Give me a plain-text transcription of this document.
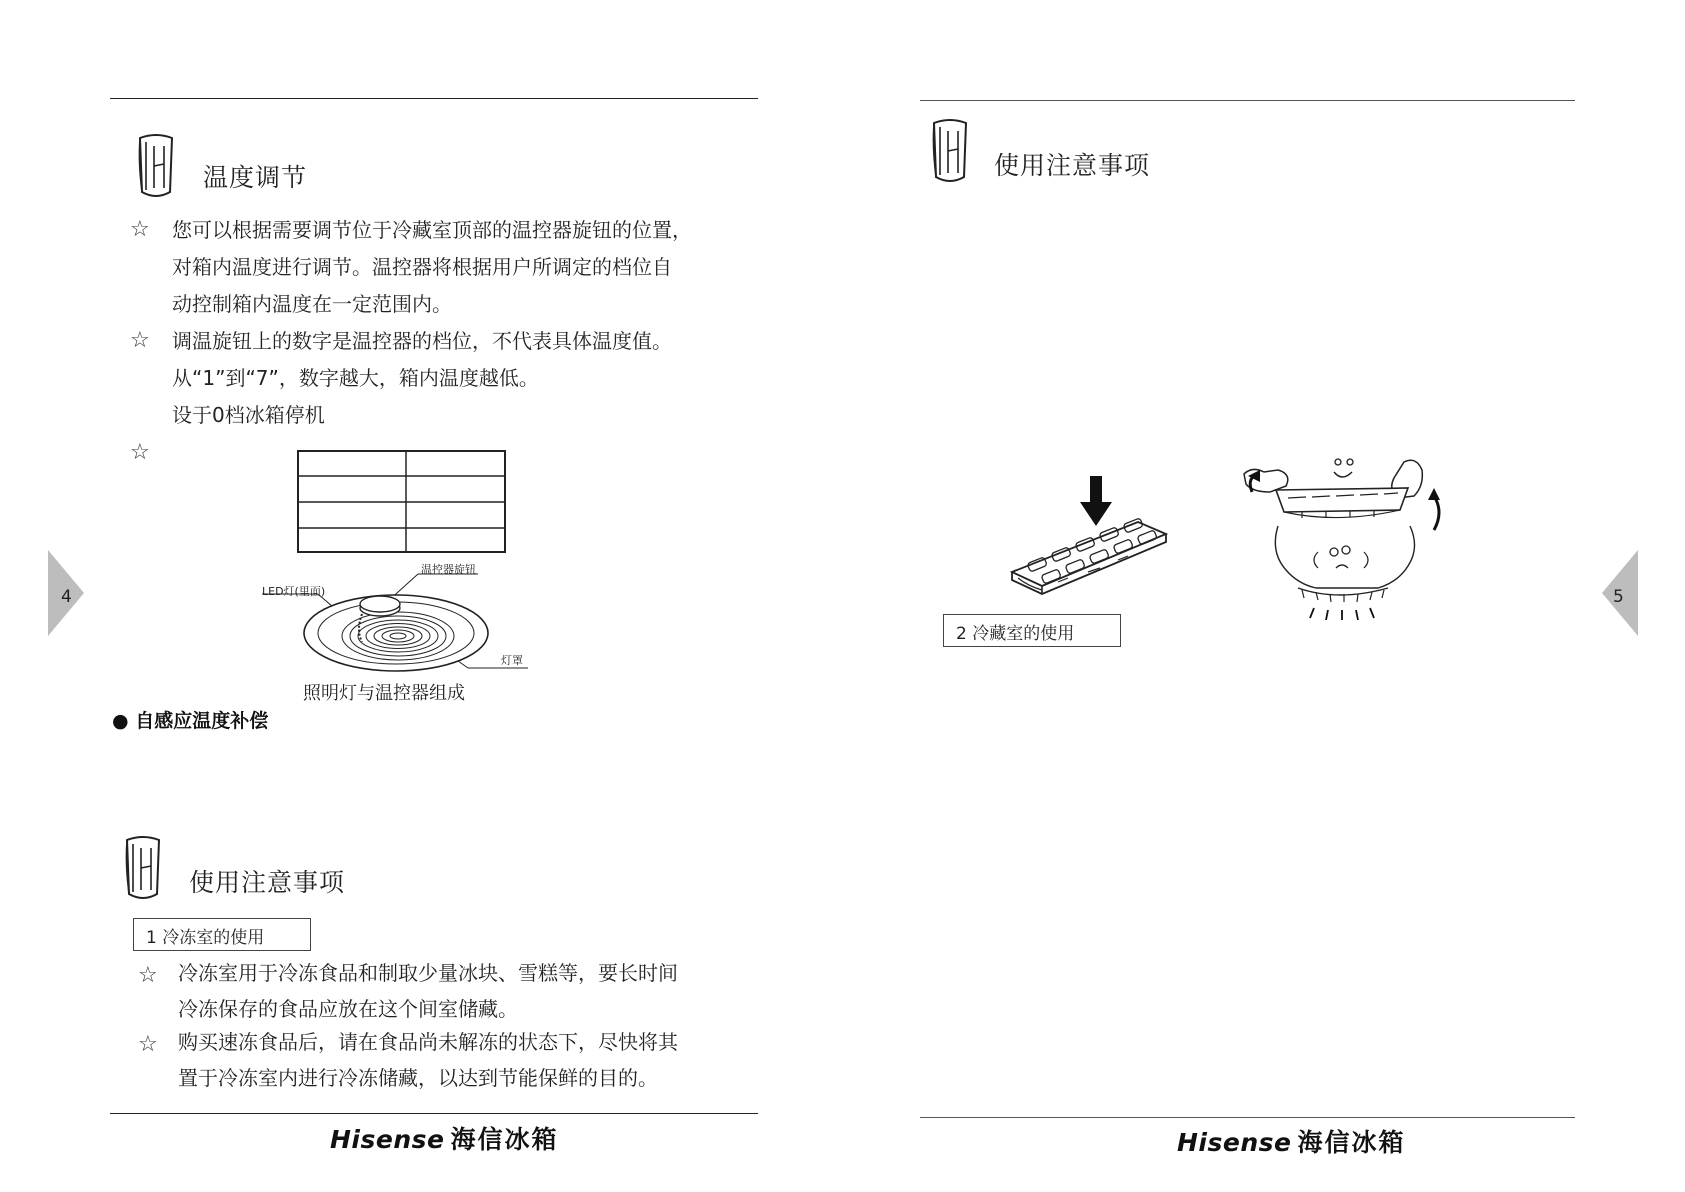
4
温度调节
☆ 您可以根据需要调节位于冷藏室顶部的温控器旋钮的位置，
对箱内温度进行调节。温控器将根据用户所调定的档位自
动控制箱内温度在一定范围内。
☆ 调温旋钮上的数字是温控器的档位，不代表具体温度值。
从“1”到“7”，数字越大，箱内温度越低。
设于0档冰箱停机
☆
温控器旋钮
LED灯(里面)
灯罩
照明灯与温控器组成
● 自感应温度补偿
使用注意事项
1 冷冻室的使用
☆ 冷冻室用于冷冻食品和制取少量冰块、雪糕等，要长时间
冷冻保存的食品应放在这个间室储藏。
☆ 购买速冻食品后，请在食品尚未解冻的状态下，尽快将其
置于冷冻室内进行冷冻储藏，以达到节能保鲜的目的。
Hisense 海信冰箱
使用注意事项
2 冷藏室的使用
5
Hisense 海信冰箱
